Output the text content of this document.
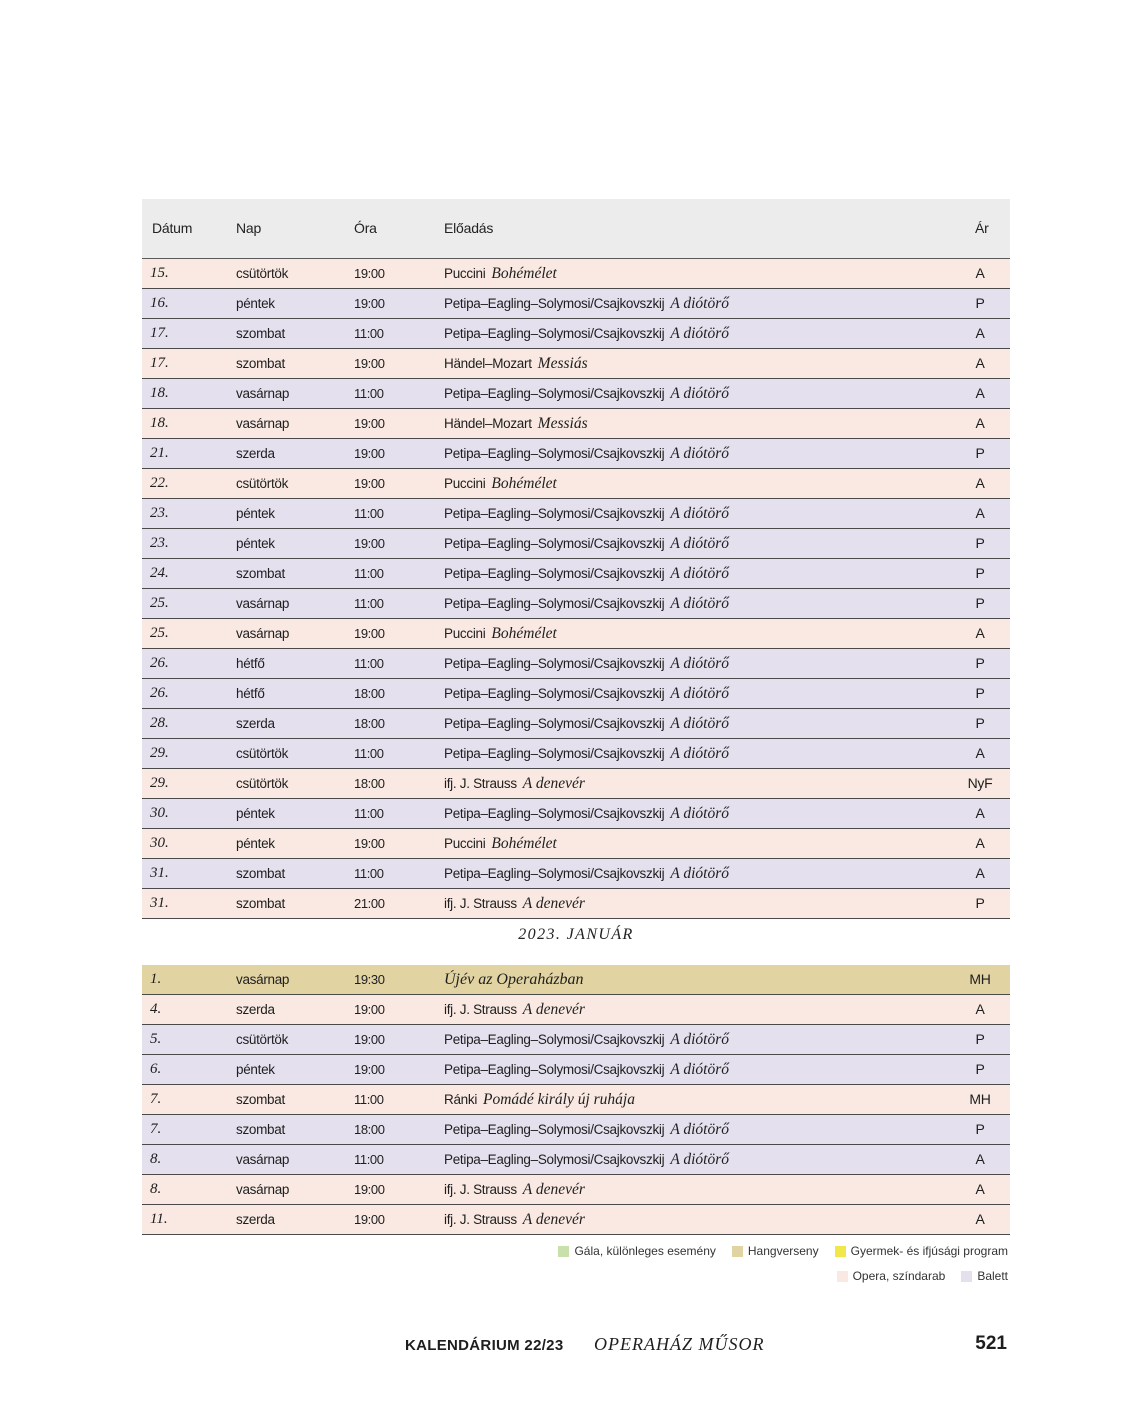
Dátum	Nap	Óra	Előadás	Ár
15.	csütörtök	19:00	Puccini Bohémélet	A
16.	péntek	19:00	Petipa–Eagling–Solymosi/Csajkovszkij A diótörő	P
17.	szombat	11:00	Petipa–Eagling–Solymosi/Csajkovszkij A diótörő	A
17.	szombat	19:00	Händel–Mozart Messiás	A
18.	vasárnap	11:00	Petipa–Eagling–Solymosi/Csajkovszkij A diótörő	A
18.	vasárnap	19:00	Händel–Mozart Messiás	A
21.	szerda	19:00	Petipa–Eagling–Solymosi/Csajkovszkij A diótörő	P
22.	csütörtök	19:00	Puccini Bohémélet	A
23.	péntek	11:00	Petipa–Eagling–Solymosi/Csajkovszkij A diótörő	A
23.	péntek	19:00	Petipa–Eagling–Solymosi/Csajkovszkij A diótörő	P
24.	szombat	11:00	Petipa–Eagling–Solymosi/Csajkovszkij A diótörő	P
25.	vasárnap	11:00	Petipa–Eagling–Solymosi/Csajkovszkij A diótörő	P
25.	vasárnap	19:00	Puccini Bohémélet	A
26.	hétfő	11:00	Petipa–Eagling–Solymosi/Csajkovszkij A diótörő	P
26.	hétfő	18:00	Petipa–Eagling–Solymosi/Csajkovszkij A diótörő	P
28.	szerda	18:00	Petipa–Eagling–Solymosi/Csajkovszkij A diótörő	P
29.	csütörtök	11:00	Petipa–Eagling–Solymosi/Csajkovszkij A diótörő	A
29.	csütörtök	18:00	ifj. J. Strauss A denevér	NyF
30.	péntek	11:00	Petipa–Eagling–Solymosi/Csajkovszkij A diótörő	A
30.	péntek	19:00	Puccini Bohémélet	A
31.	szombat	11:00	Petipa–Eagling–Solymosi/Csajkovszkij A diótörő	A
31.	szombat	21:00	ifj. J. Strauss A denevér	P
2023. JANUÁR
1.	vasárnap	19:30	Újév az Operaházban	MH
4.	szerda	19:00	ifj. J. Strauss A denevér	A
5.	csütörtök	19:00	Petipa–Eagling–Solymosi/Csajkovszkij A diótörő	P
6.	péntek	19:00	Petipa–Eagling–Solymosi/Csajkovszkij A diótörő	P
7.	szombat	11:00	Ránki Pomádé király új ruhája	MH
7.	szombat	18:00	Petipa–Eagling–Solymosi/Csajkovszkij A diótörő	P
8.	vasárnap	11:00	Petipa–Eagling–Solymosi/Csajkovszkij A diótörő	A
8.	vasárnap	19:00	ifj. J. Strauss A denevér	A
11.	szerda	19:00	ifj. J. Strauss A denevér	A
Gála, különleges esemény	Hangverseny	Gyermek- és ifjúsági program
Opera, színdarab	Balett
KALENDÁRIUM 22/23 OPERAHÁZ MŰSOR	521
